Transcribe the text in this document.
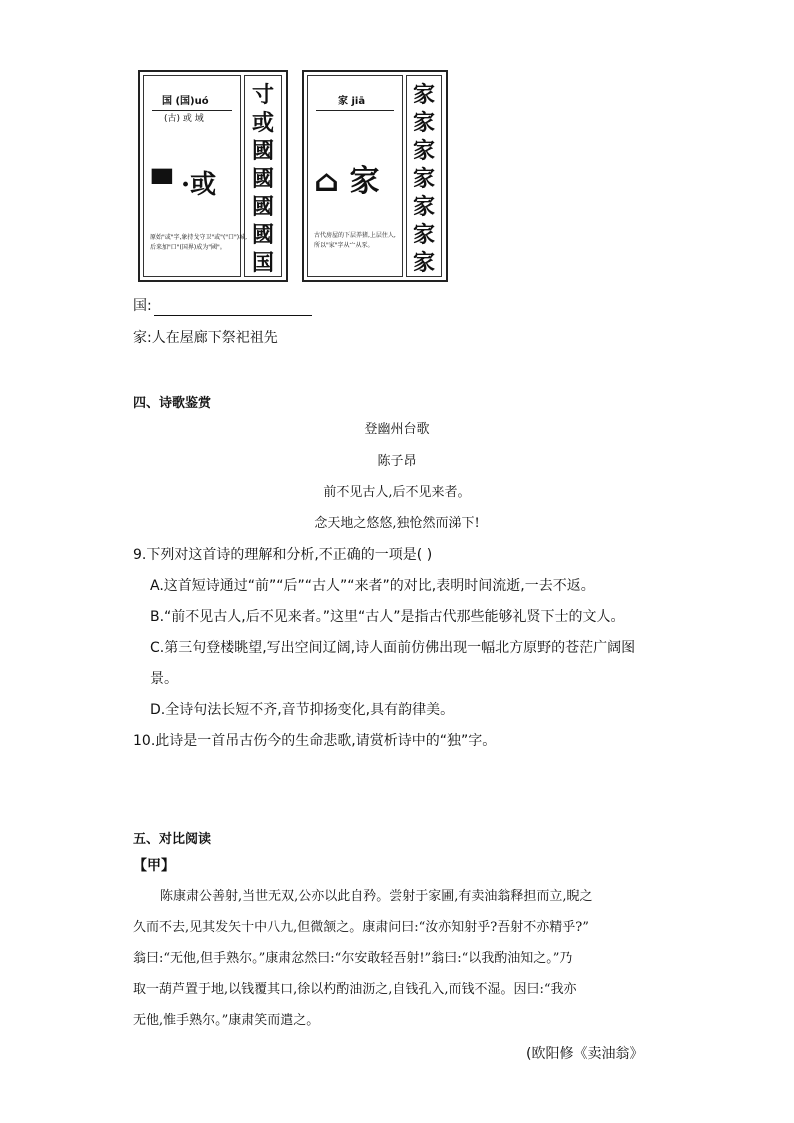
国 (国)uó
(古) 或 域
▀ ·或
原始"或"字,象持戈守卫"或"("口")城,
后来加"口"(国界)成为"國"。
寸
或
國
國
國
國
国
家 jiā
⌂ 家
古代房屋的下层养猪,上层住人,
所以"家"字从宀从豕。
家
家
家
家
家
家
家
国:
家:人在屋廊下祭祀祖先
四、诗歌鉴赏
登幽州台歌
陈子昂
前不见古人,后不见来者。
念天地之悠悠,独怆然而涕下!
9.下列对这首诗的理解和分析,不正确的一项是( )
A.这首短诗通过“前”“后”“古人”“来者”的对比,表明时间流逝,一去不返。
B.“前不见古人,后不见来者。”这里“古人”是指古代那些能够礼贤下士的文人。
C.第三句登楼眺望,写出空间辽阔,诗人面前仿佛出现一幅北方原野的苍茫广阔图
景。
D.全诗句法长短不齐,音节抑扬变化,具有韵律美。
10.此诗是一首吊古伤今的生命悲歌,请赏析诗中的“独”字。
五、对比阅读
【甲】
陈康肃公善射,当世无双,公亦以此自矜。尝射于家圃,有卖油翁释担而立,睨之
久而不去,见其发矢十中八九,但微颔之。康肃问曰:“汝亦知射乎?吾射不亦精乎?”
翁曰:“无他,但手熟尔。”康肃忿然曰:“尔安敢轻吾射!”翁曰:“以我酌油知之。”乃
取一葫芦置于地,以钱覆其口,徐以杓酌油沥之,自钱孔入,而钱不湿。因曰:“我亦
无他,惟手熟尔。”康肃笑而遣之。
(欧阳修《卖油翁》
